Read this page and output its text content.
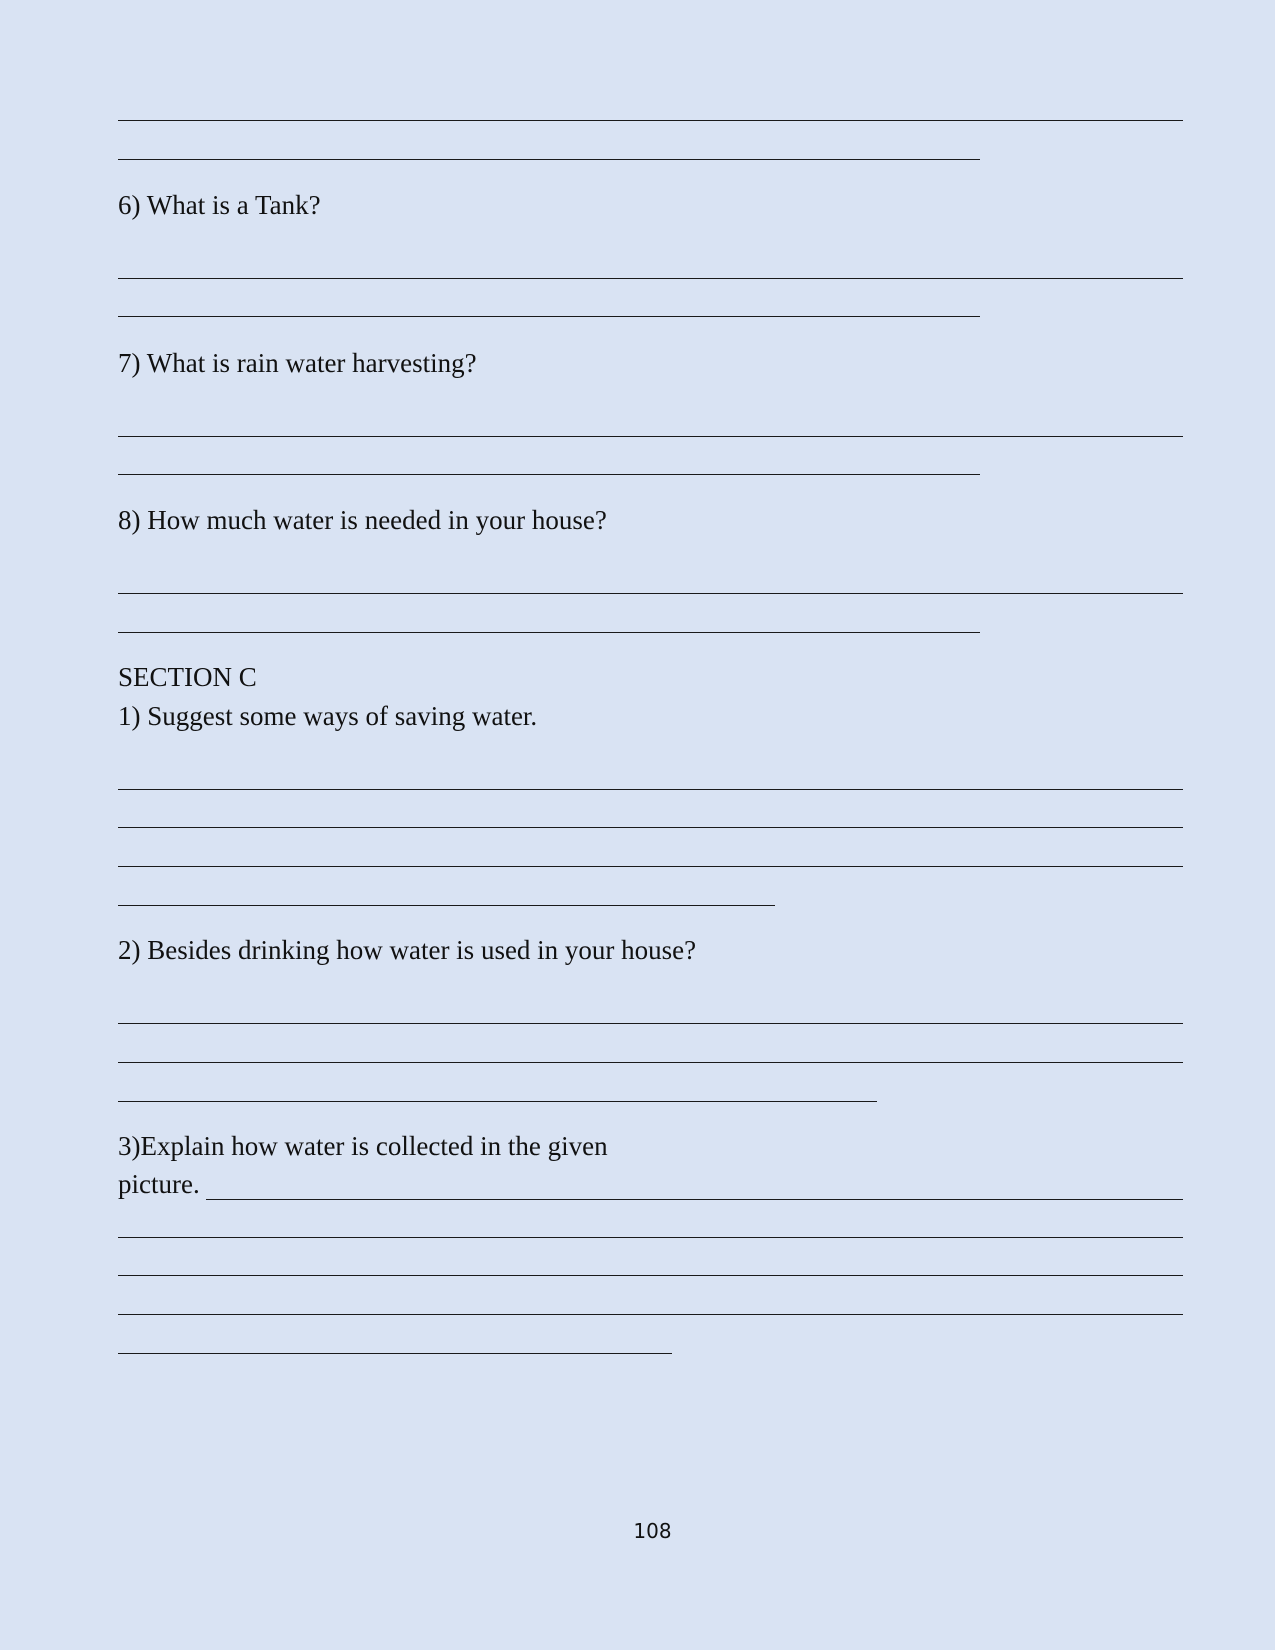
6) What is a Tank?
7) What is rain water harvesting?
8) How much water is needed in your house?
SECTION C
1) Suggest some ways of saving water.
2) Besides drinking how water is used in your house?
3)Explain how water is collected in the given
picture.
108
